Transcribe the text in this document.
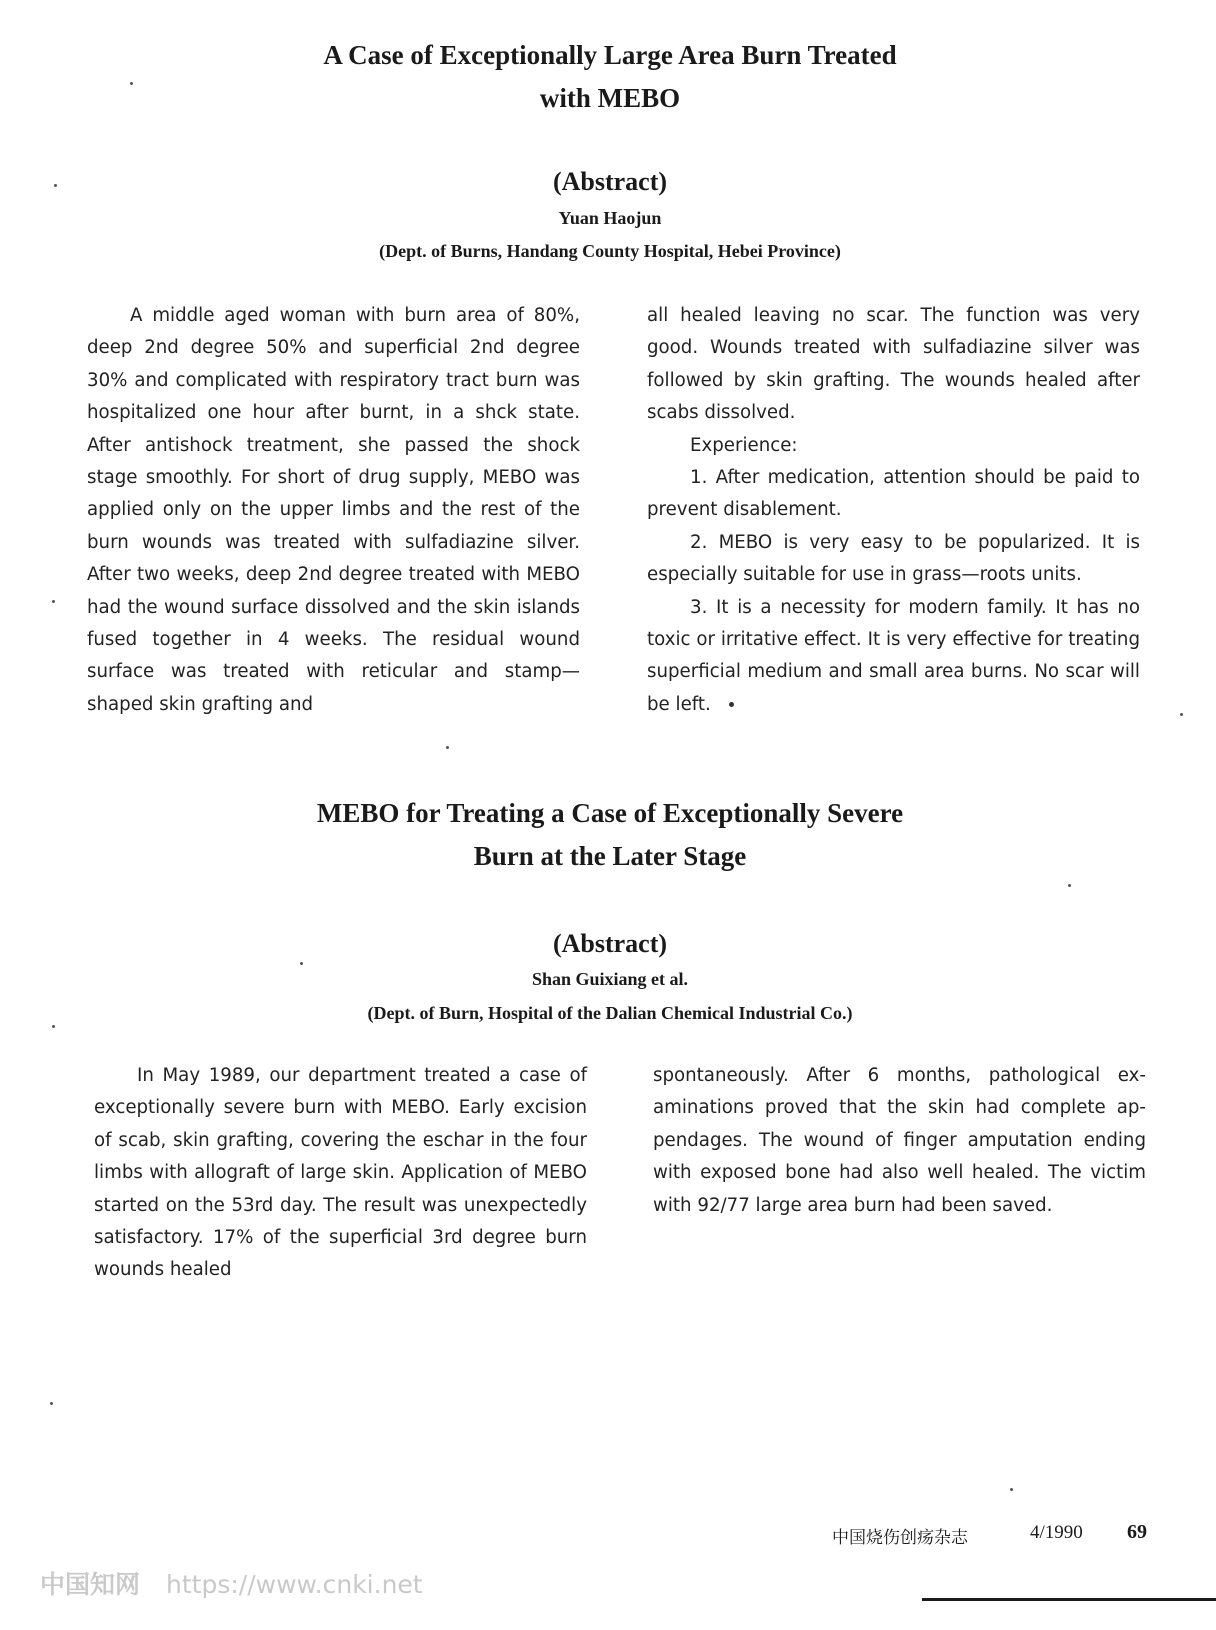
A Case of Exceptionally Large Area Burn Treated
with MEBO
(Abstract)
Yuan Haojun
(Dept. of Burns, Handang County Hospital, Hebei Province)

A middle aged woman with burn area of 80%, deep 2nd degree 50% and superficial 2nd degree 30% and complicated with respiratory tract burn was hospitalized one hour after burnt, in a shck state. After antishock treatment, she passed the shock stage smoothly. For short of drug supply, MEBO was applied only on the upper limbs and the rest of the burn wounds was treated with sulfadiazine silver. After two weeks, deep 2nd degree treated with MEBO had the wound surface dissolved and the skin islands fused together in 4 weeks. The residual wound surface was treated with reticular and stamp—shaped skin grafting and

all healed leaving no scar. The function was very good. Wounds treated with sulfadiazine silver was followed by skin grafting. The wounds healed after scabs dissolved.

Experience:

1. After medication, attention should be paid to prevent disablement.

2. MEBO is very easy to be popularized. It is especially suitable for use in grass—roots units.

3. It is a necessity for modern family. It has no toxic or irritative effect. It is very effective for treating superficial medium and small area burns. No scar will be left.

MEBO for Treating a Case of Exceptionally Severe
Burn at the Later Stage
(Abstract)
Shan Guixiang et al.
(Dept. of Burn, Hospital of the Dalian Chemical Industrial Co.)

In May 1989, our department treated a case of exceptionally severe burn with MEBO. Early excision of scab, skin grafting, covering the eschar in the four limbs with allograft of large skin. Application of MEBO started on the 53rd day. The result was unexpectedly satisfactory. 17% of the superficial 3rd degree burn wounds healed

spontaneously. After 6 months, pathological examinations proved that the skin had complete appendages. The wound of finger amputation ending with exposed bone had also well healed. The victim with 92/77 large area burn had been saved.

中国烧伤创疡杂志	4/1990 69
中国知网 https://www.cnki.net
